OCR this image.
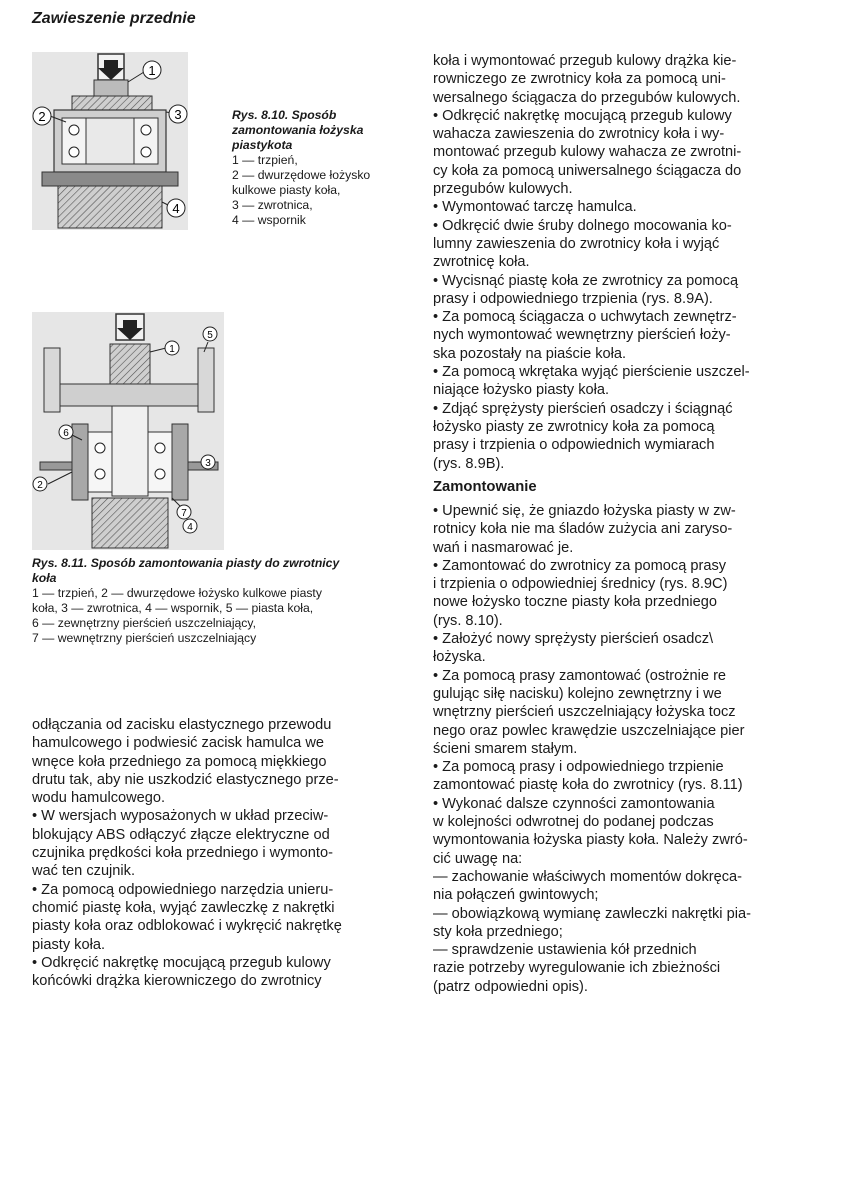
Zawieszenie przednie
1
2	3
4
Rys. 8.10. Sposób
zamontowania łożyska
piastykota
1 — trzpień,
2 — dwurzędowe łożysko
kulkowe piasty koła,
3 — zwrotnica,
4 — wspornik
1
2
3
4
5
6
7
Rys. 8.11. Sposób zamontowania piasty do zwrotnicy
koła
1 — trzpień, 2 — dwurzędowe łożysko kulkowe piasty
koła, 3 — zwrotnica, 4 — wspornik, 5 — piasta koła,
6 — zewnętrzny pierścień uszczelniający,
7 — wewnętrzny pierścień uszczelniający

odłączania od zacisku elastycznego przewodu

hamulcowego i podwiesić zacisk hamulca we

wnęce koła przedniego za pomocą miękkiego

drutu tak, aby nie uszkodzić elastycznego prze-

wodu hamulcowego.

• W wersjach wyposażonych w układ przeciw-

blokujący ABS odłączyć złącze elektryczne od

czujnika prędkości koła przedniego i wymonto-

wać ten czujnik.

• Za pomocą odpowiedniego narzędzia unieru-

chomić piastę koła, wyjąć zawleczkę z nakrętki

piasty koła oraz odblokować i wykręcić nakrętkę

piasty koła.

• Odkręcić nakrętkę mocującą przegub kulowy

końcówki drążka kierowniczego do zwrotnicy

koła i wymontować przegub kulowy drążka kie-

rowniczego ze zwrotnicy koła za pomocą uni-

wersalnego ściągacza do przegubów kulowych.

• Odkręcić nakrętkę mocującą przegub kulowy

wahacza zawieszenia do zwrotnicy koła i wy-

montować przegub kulowy wahacza ze zwrotni-

cy koła za pomocą uniwersalnego ściągacza do

przegubów kulowych.

• Wymontować tarczę hamulca.

• Odkręcić dwie śruby dolnego mocowania ko-

lumny zawieszenia do zwrotnicy koła i wyjąć

zwrotnicę koła.

• Wycisnąć piastę koła ze zwrotnicy za pomocą

prasy i odpowiedniego trzpienia (rys. 8.9A).

• Za pomocą ściągacza o uchwytach zewnętrz-

nych wymontować wewnętrzny pierścień łoży-

ska pozostały na piaście koła.

• Za pomocą wkrętaka wyjąć pierścienie uszczel-

niające łożysko piasty koła.

• Zdjąć sprężysty pierścień osadczy i ściągnąć

łożysko piasty ze zwrotnicy koła za pomocą

prasy i trzpienia o odpowiednich wymiarach

(rys. 8.9B).

Zamontowanie

• Upewnić się, że gniazdo łożyska piasty w zw-

rotnicy koła nie ma śladów zużycia ani zaryso-

wań i nasmarować je.

• Zamontować do zwrotnicy za pomocą prasy

i trzpienia o odpowiedniej średnicy (rys. 8.9C)

nowe łożysko toczne piasty koła przedniego

(rys. 8.10).

• Założyć nowy sprężysty pierścień osadcz\

łożyska.

• Za pomocą prasy zamontować (ostrożnie re

gulując siłę nacisku) kolejno zewnętrzny i we

wnętrzny pierścień uszczelniający łożyska tocz

nego oraz powlec krawędzie uszczelniające pier

ścieni smarem stałym.

• Za pomocą prasy i odpowiedniego trzpienie

zamontować piastę koła do zwrotnicy (rys. 8.11)

• Wykonać dalsze czynności zamontowania

w kolejności odwrotnej do podanej podczas

wymontowania łożyska piasty koła. Należy zwró-

cić uwagę na:

— zachowanie właściwych momentów dokręca-

nia połączeń gwintowych;

— obowiązkową wymianę zawleczki nakrętki pia-

sty koła przedniego;

— sprawdzenie ustawienia kół przednich

razie potrzeby wyregulowanie ich zbieżności

(patrz odpowiedni opis).
